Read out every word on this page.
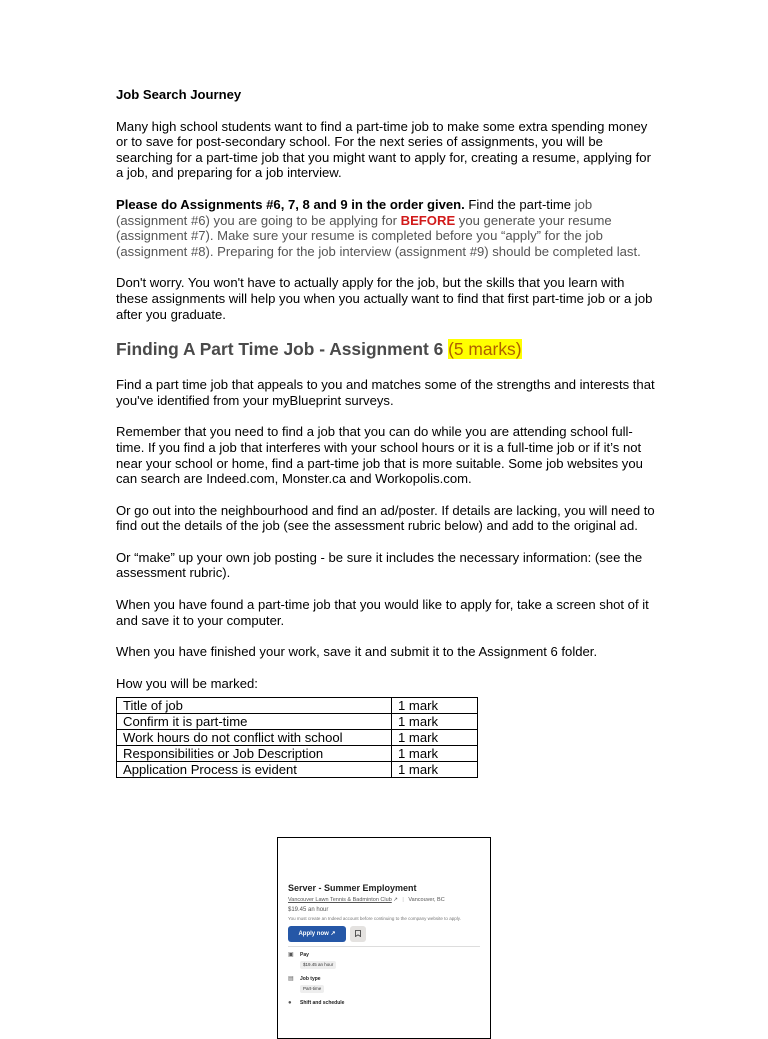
Job Search Journey

Many high school students want to find a part-time job to make some extra spending money or to save for post-secondary school. For the next series of assignments, you will be searching for a part-time job that you might want to apply for, creating a resume, applying for a job, and preparing for a job interview.

Please do Assignments #6, 7, 8 and 9 in the order given. Find the part-time job (assignment #6) you are going to be applying for BEFORE you generate your resume (assignment #7). Make sure your resume is completed before you “apply” for the job (assignment #8). Preparing for the job interview (assignment #9) should be completed last.

Don't worry. You won't have to actually apply for the job, but the skills that you learn with these assignments will help you when you actually want to find that first part-time job or a job after you graduate.

Finding A Part Time Job - Assignment 6 (5 marks)

Find a part time job that appeals to you and matches some of the strengths and interests that you've identified from your myBlueprint surveys.

Remember that you need to find a job that you can do while you are attending school full-time. If you find a job that interferes with your school hours or it is a full-time job or if it’s not near your school or home, find a part-time job that is more suitable. Some job websites you can search are Indeed.com, Monster.ca and Workopolis.com.

Or go out into the neighbourhood and find an ad/poster. If details are lacking, you will need to find out the details of the job (see the assessment rubric below) and add to the original ad.

Or “make” up your own job posting - be sure it includes the necessary information: (see the assessment rubric).

When you have found a part-time job that you would like to apply for, take a screen shot of it and save it to your computer.

When you have finished your work, save it and submit it to the Assignment 6 folder.

How you will be marked:
Title of job	1 mark
Confirm it is part-time	1 mark
Work hours do not conflict with school	1 mark
Responsibilities or Job Description	1 mark
Application Process is evident	1 mark
Server - Summer Employment
Vancouver Lawn Tennis & Badminton Club ↗ | Vancouver, BC
$19.45 an hour
You must create an Indeed account before continuing to the company website to apply.
Apply now
↗
▣	Pay
$19.45 an hour
▤	Job type
Part-time
●	Shift and schedule
